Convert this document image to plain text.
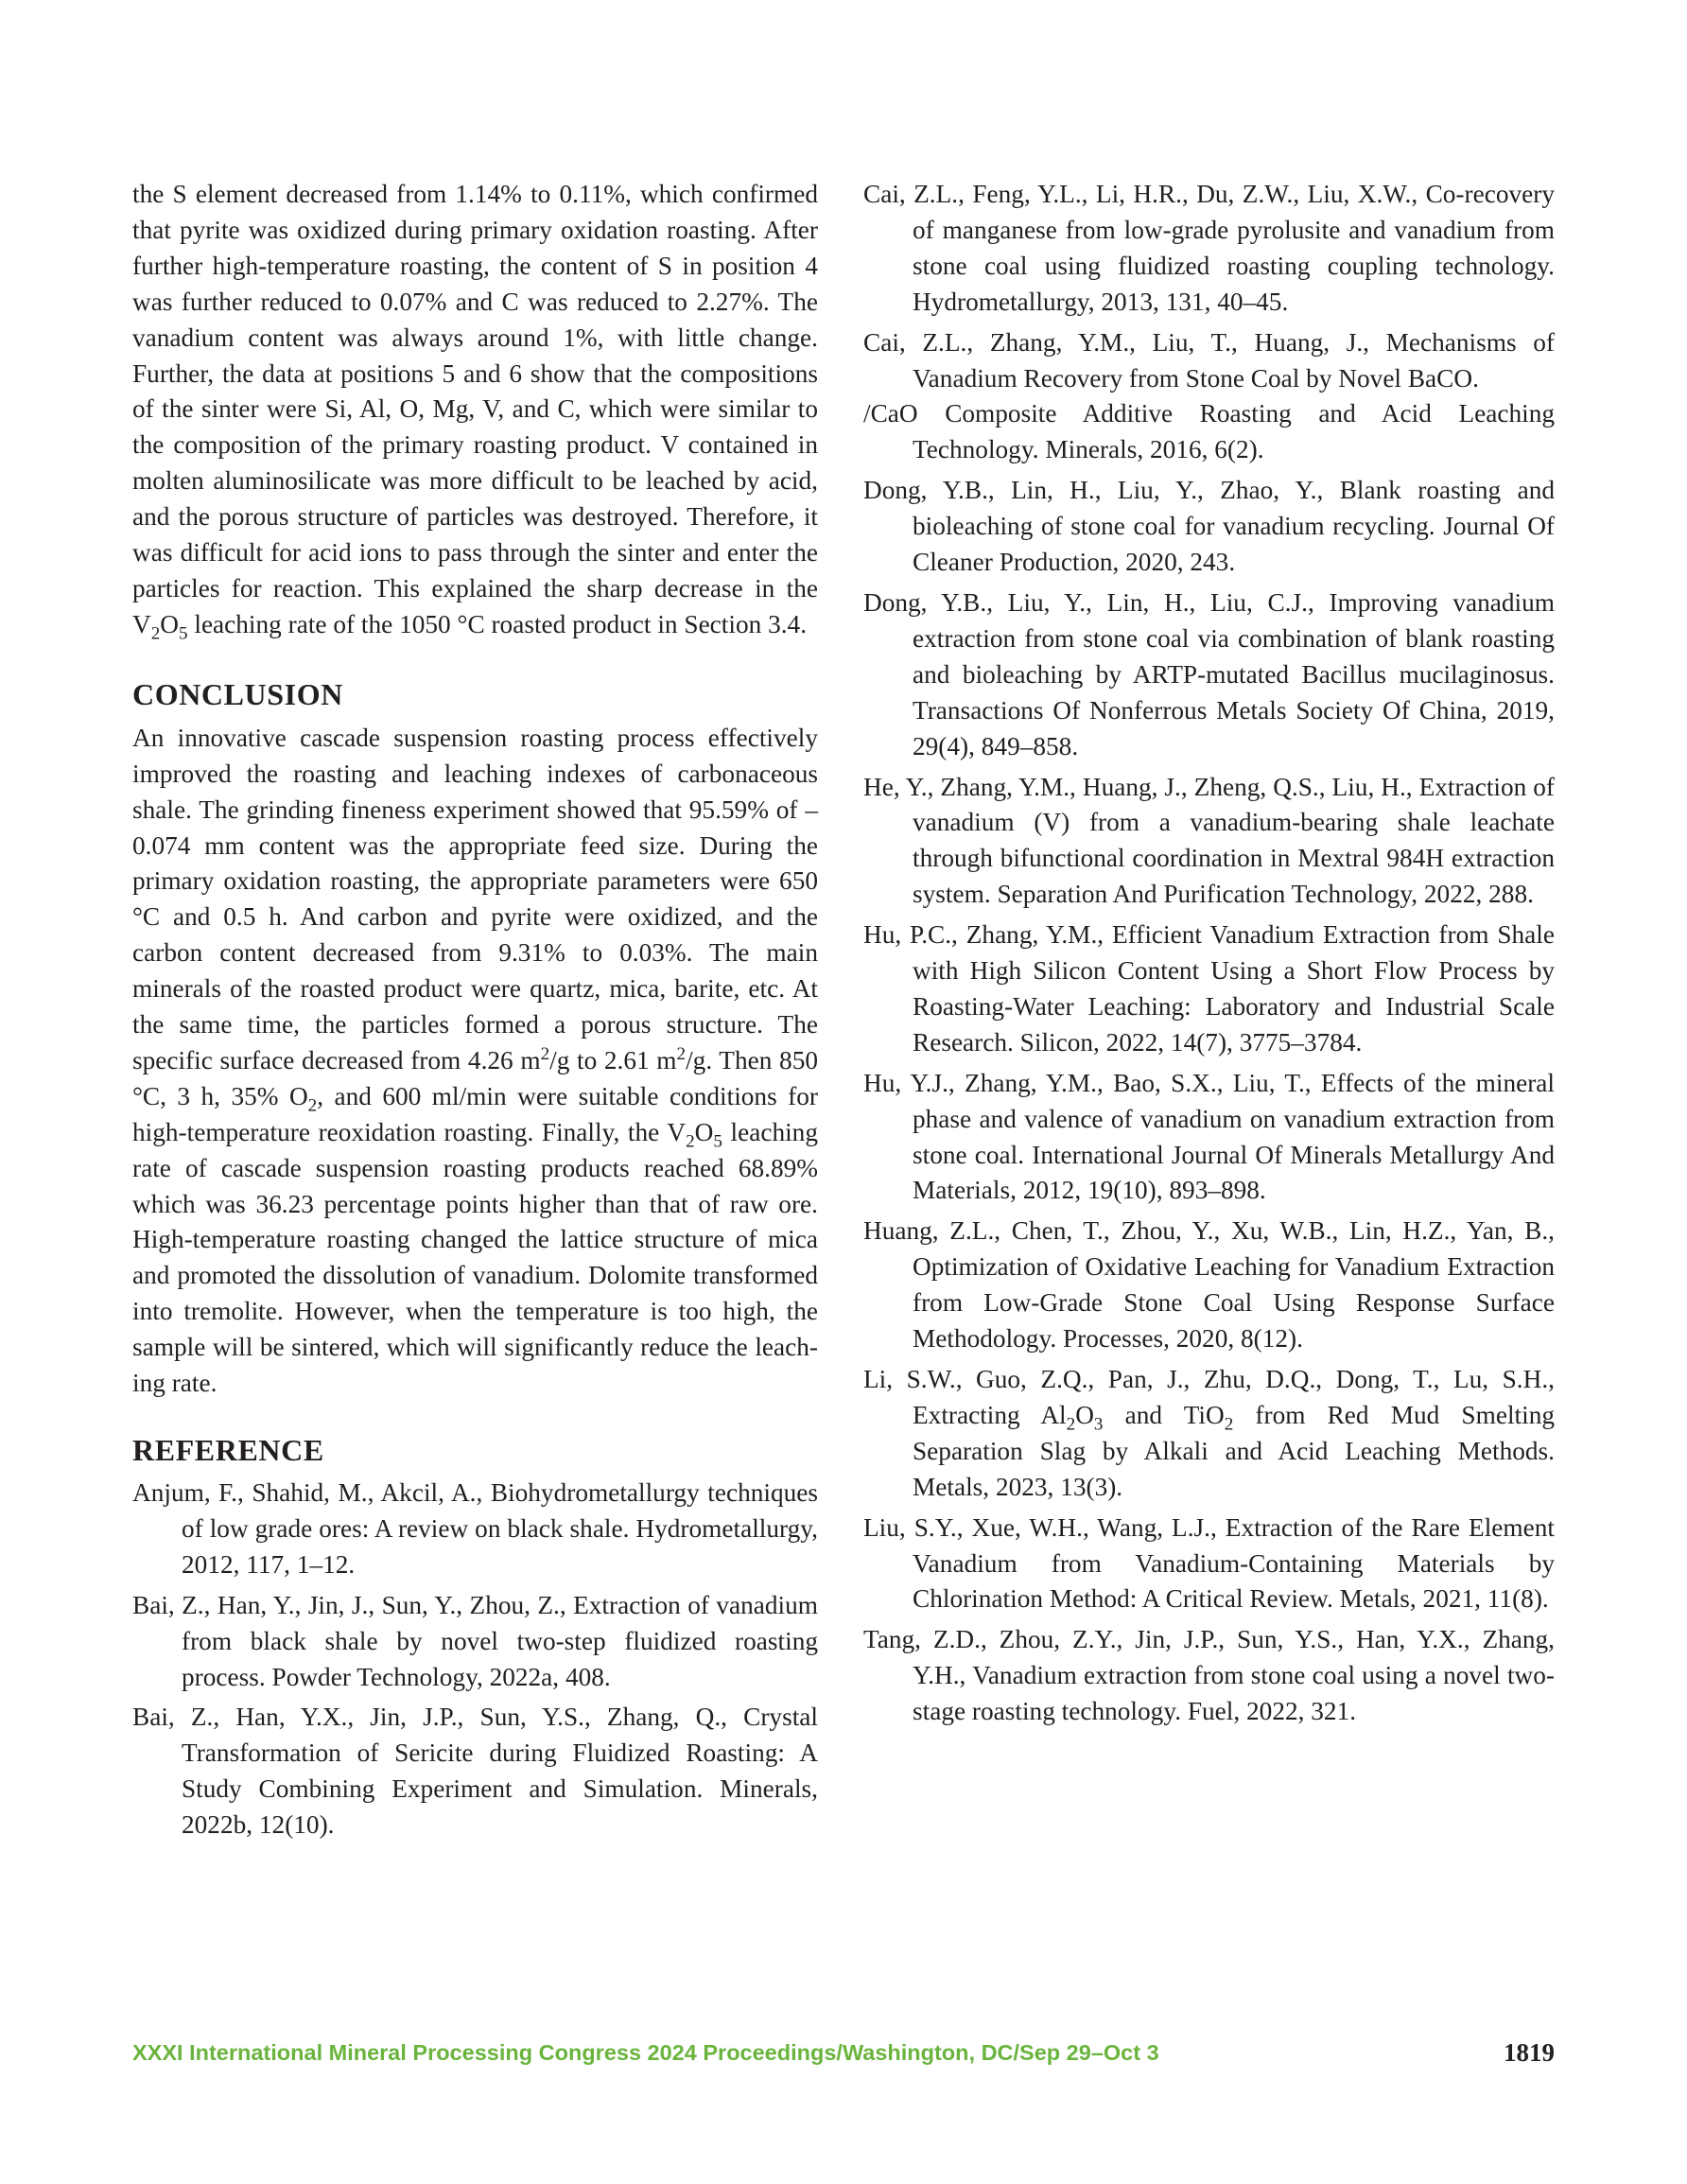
the S element decreased from 1.14% to 0.11%, which confirmed that pyrite was oxidized during primary oxidation roasting. After further high-temperature roasting, the content of S in position 4 was further reduced to 0.07% and C was reduced to 2.27%. The vanadium content was always around 1%, with little change. Further, the data at positions 5 and 6 show that the compositions of the sinter were Si, Al, O, Mg, V, and C, which were similar to the composition of the primary roasting product. V contained in molten aluminosilicate was more difficult to be leached by acid, and the porous structure of particles was destroyed. Therefore, it was difficult for acid ions to pass through the sinter and enter the particles for reaction. This explained the sharp decrease in the $V_2O_5$ leaching rate of the 1050 °C roasted product in Section 3.4.

CONCLUSION

An innovative cascade suspension roasting process effectively improved the roasting and leaching indexes of carbonaceous shale. The grinding fineness experiment showed that 95.59% of –0.074 mm content was the appropriate feed size. During the primary oxidation roasting, the appropriate parameters were 650 °C and 0.5 h. And carbon and pyrite were oxidized, and the carbon content decreased from 9.31% to 0.03%. The main minerals of the roasted product were quartz, mica, barite, etc. At the same time, the particles formed a porous structure. The specific surface decreased from 4.26 $m^2/g$ to 2.61 $m^2/g$. Then 850 °C, 3 h, 35% $O_2$, and 600 ml/min were suitable conditions for high-temperature reoxidation roasting. Finally, the $V_2O_5$ leaching rate of cascade suspension roasting products reached 68.89% which was 36.23 percentage points higher than that of raw ore. High-temperature roasting changed the lattice structure of mica and promoted the dissolution of vanadium. Dolomite transformed into tremolite. However, when the temperature is too high, the sample will be sintered, which will significantly reduce the leaching rate.

REFERENCE

Anjum, F., Shahid, M., Akcil, A., Biohydrometallurgy techniques of low grade ores: A review on black shale. Hydrometallurgy, 2012, 117, 1–12.

Bai, Z., Han, Y., Jin, J., Sun, Y., Zhou, Z., Extraction of vanadium from black shale by novel two-step fluidized roasting process. Powder Technology, 2022a, 408.

Bai, Z., Han, Y.X., Jin, J.P., Sun, Y.S., Zhang, Q., Crystal Transformation of Sericite during Fluidized Roasting: A Study Combining Experiment and Simulation. Minerals, 2022b, 12(10).

Cai, Z.L., Feng, Y.L., Li, H.R., Du, Z.W., Liu, X.W., Co-recovery of manganese from low-grade pyrolusite and vanadium from stone coal using fluidized roasting coupling technology. Hydrometallurgy, 2013, 131, 40–45.

Cai, Z.L., Zhang, Y.M., Liu, T., Huang, J., Mechanisms of Vanadium Recovery from Stone Coal by Novel BaCO.

/CaO Composite Additive Roasting and Acid Leaching Technology. Minerals, 2016, 6(2).

Dong, Y.B., Lin, H., Liu, Y., Zhao, Y., Blank roasting and bioleaching of stone coal for vanadium recycling. Journal Of Cleaner Production, 2020, 243.

Dong, Y.B., Liu, Y., Lin, H., Liu, C.J., Improving vanadium extraction from stone coal via combination of blank roasting and bioleaching by ARTP-mutated Bacillus mucilaginosus. Transactions Of Nonferrous Metals Society Of China, 2019, 29(4), 849–858.

He, Y., Zhang, Y.M., Huang, J., Zheng, Q.S., Liu, H., Extraction of vanadium (V) from a vanadium-bearing shale leachate through bifunctional coordination in Mextral 984H extraction system. Separation And Purification Technology, 2022, 288.

Hu, P.C., Zhang, Y.M., Efficient Vanadium Extraction from Shale with High Silicon Content Using a Short Flow Process by Roasting-Water Leaching: Laboratory and Industrial Scale Research. Silicon, 2022, 14(7), 3775–3784.

Hu, Y.J., Zhang, Y.M., Bao, S.X., Liu, T., Effects of the mineral phase and valence of vanadium on vanadium extraction from stone coal. International Journal Of Minerals Metallurgy And Materials, 2012, 19(10), 893–898.

Huang, Z.L., Chen, T., Zhou, Y., Xu, W.B., Lin, H.Z., Yan, B., Optimization of Oxidative Leaching for Vanadium Extraction from Low-Grade Stone Coal Using Response Surface Methodology. Processes, 2020, 8(12).

Li, S.W., Guo, Z.Q., Pan, J., Zhu, D.Q., Dong, T., Lu, S.H., Extracting $Al_2O_3$ and TiO$_2$ from Red Mud Smelting Separation Slag by Alkali and Acid Leaching Methods. Metals, 2023, 13(3).

Liu, S.Y., Xue, W.H., Wang, L.J., Extraction of the Rare Element Vanadium from Vanadium-Containing Materials by Chlorination Method: A Critical Review. Metals, 2021, 11(8).

Tang, Z.D., Zhou, Z.Y., Jin, J.P., Sun, Y.S., Han, Y.X., Zhang, Y.H., Vanadium extraction from stone coal using a novel two-stage roasting technology. Fuel, 2022, 321.

XXXI International Mineral Processing Congress 2024 Proceedings/Washington, DC/Sep 29–Oct 3	1819
